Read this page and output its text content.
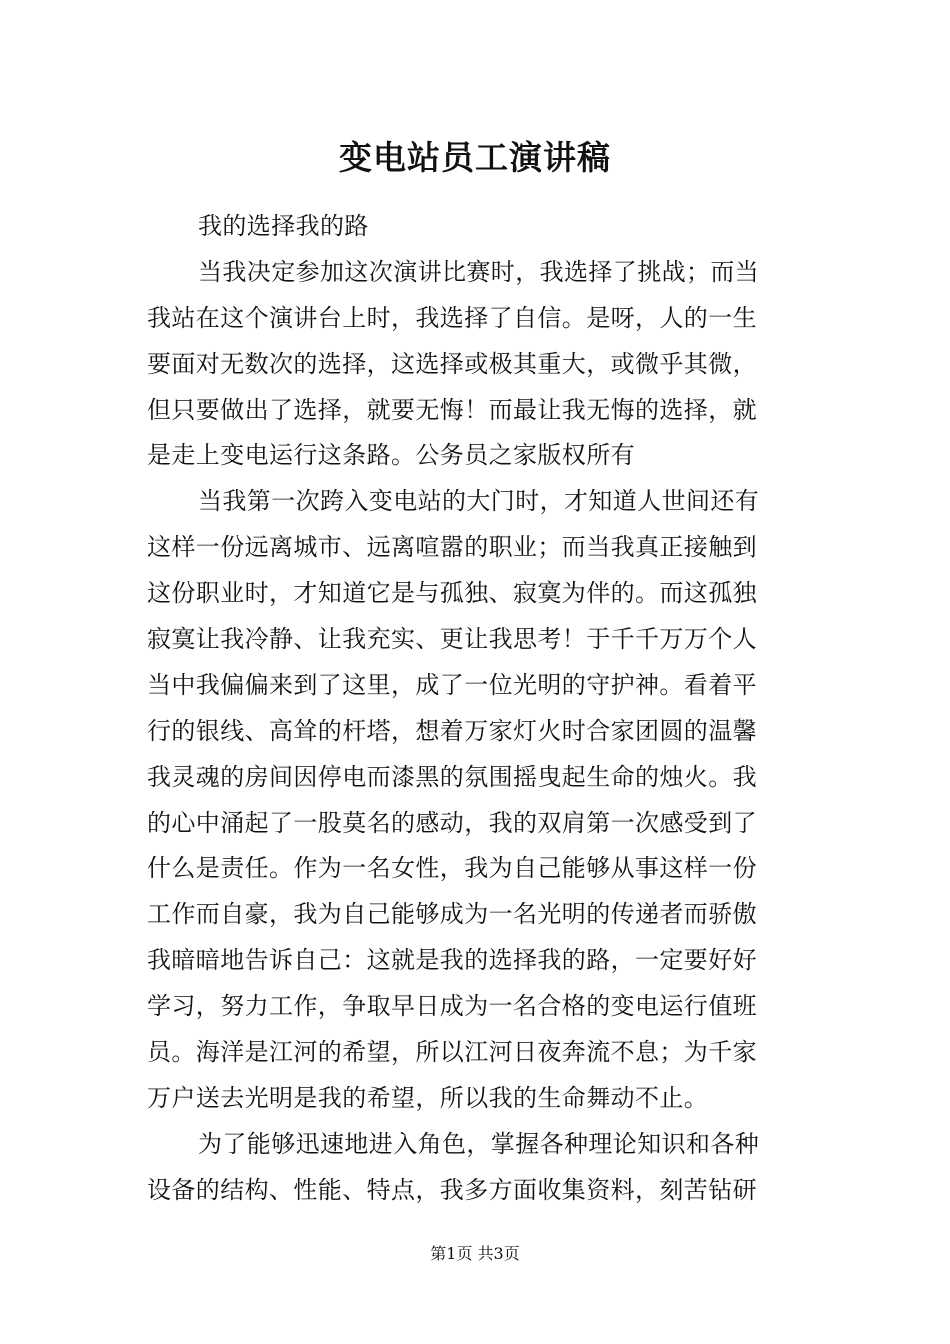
变电站员工演讲稿
我的选择我的路
当我决定参加这次演讲比赛时，我选择了挑战；而当
我站在这个演讲台上时，我选择了自信。是呀，人的一生
要面对无数次的选择，这选择或极其重大，或微乎其微，
但只要做出了选择，就要无悔！而最让我无悔的选择，就
是走上变电运行这条路。公务员之家版权所有
当我第一次跨入变电站的大门时，才知道人世间还有
这样一份远离城市、远离喧嚣的职业；而当我真正接触到
这份职业时，才知道它是与孤独、寂寞为伴的。而这孤独
寂寞让我冷静、让我充实、更让我思考！于千千万万个人
当中我偏偏来到了这里，成了一位光明的守护神。看着平
行的银线、高耸的杆塔，想着万家灯火时合家团圆的温馨
我灵魂的房间因停电而漆黑的氛围摇曳起生命的烛火。我
的心中涌起了一股莫名的感动，我的双肩第一次感受到了
什么是责任。作为一名女性，我为自己能够从事这样一份
工作而自豪，我为自己能够成为一名光明的传递者而骄傲
我暗暗地告诉自己：这就是我的选择我的路，一定要好好
学习，努力工作，争取早日成为一名合格的变电运行值班
员。海洋是江河的希望，所以江河日夜奔流不息；为千家
万户送去光明是我的希望，所以我的生命舞动不止。
为了能够迅速地进入角色，掌握各种理论知识和各种
设备的结构、性能、特点，我多方面收集资料，刻苦钻研
第1页 共3页
